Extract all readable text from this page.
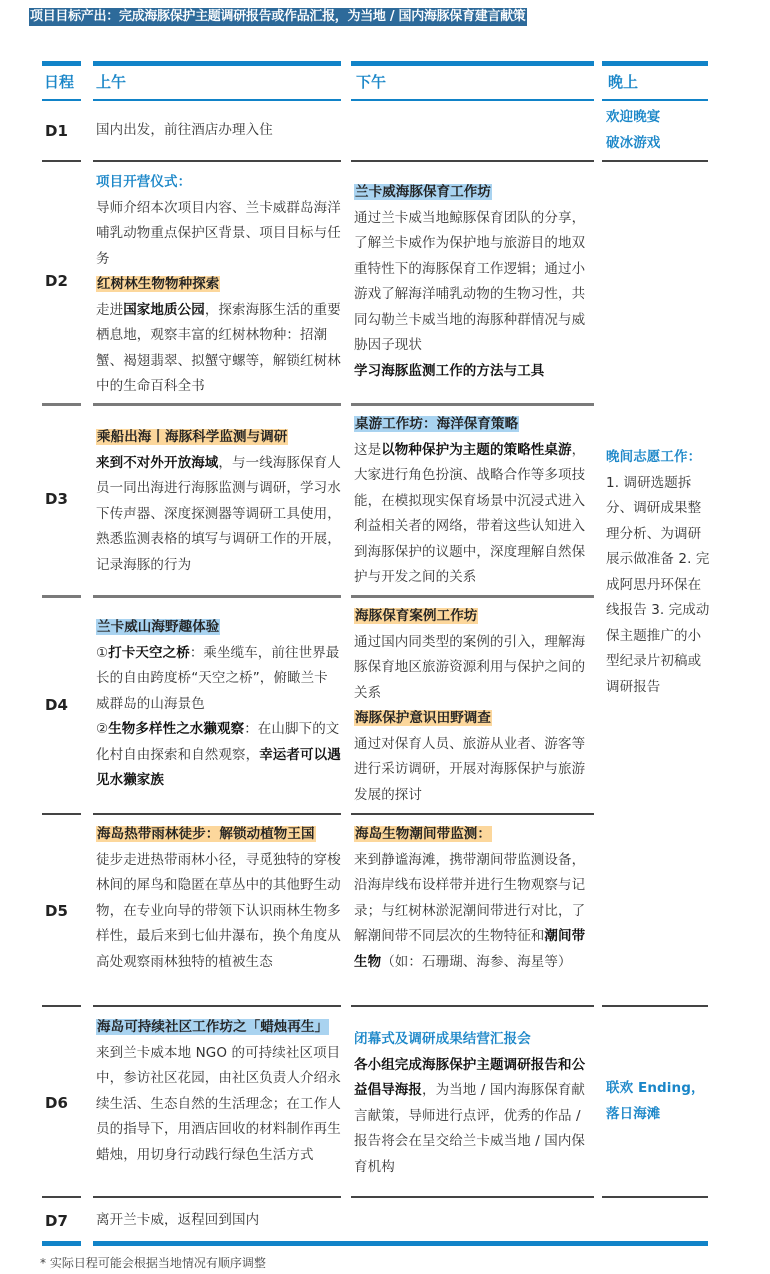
项目目标产出：完成海豚保护主题调研报告或作品汇报，为当地 / 国内海豚保育建言献策
日程 上午	下午	晚上
D1 国内出发，前往酒店办理入住

欢迎晚宴

破冰游戏

D2

项目开营仪式：

导师介绍本次项目内容、兰卡威群岛海洋哺乳动物重点保护区背景、项目目标与任务

红树林生物物种探索

走进国家地质公园，探索海豚生活的重要栖息地，观察丰富的红树林物种：招潮蟹、褐翅翡翠、拟蟹守螺等，解锁红树林中的生命百科全书

兰卡威海豚保育工作坊

通过兰卡威当地鲸豚保育团队的分享，了解兰卡威作为保护地与旅游目的地双重特性下的海豚保育工作逻辑；通过小游戏了解海洋哺乳动物的生物习性，共同勾勒兰卡威当地的海豚种群情况与威胁因子现状

学习海豚监测工作的方法与工具

D3

乘船出海丨海豚科学监测与调研

来到不对外开放海域，与一线海豚保育人员一同出海进行海豚监测与调研，学习水下传声器、深度探测器等调研工具使用，熟悉监测表格的填写与调研工作的开展，记录海豚的行为

桌游工作坊：海洋保育策略

这是以物种保护为主题的策略性桌游，大家进行角色扮演、战略合作等多项技能，在模拟现实保育场景中沉浸式进入利益相关者的网络，带着这些认知进入到海豚保护的议题中，深度理解自然保护与开发之间的关系

晚间志愿工作：

1. 调研选题拆分、调研成果整理分析、为调研展示做准备 2. 完成阿思丹环保在线报告 3. 完成动保主题推广的小型纪录片初稿或调研报告

D4

兰卡威山海野趣体验

①打卡天空之桥：乘坐缆车，前往世界最长的自由跨度桥“天空之桥”，俯瞰兰卡威群岛的山海景色

②生物多样性之水獭观察：在山脚下的文化村自由探索和自然观察，幸运者可以遇见水獭家族

海豚保育案例工作坊

通过国内同类型的案例的引入，理解海豚保育地区旅游资源利用与保护之间的关系

海豚保护意识田野调查

通过对保育人员、旅游从业者、游客等进行采访调研，开展对海豚保护与旅游发展的探讨

D5

海岛热带雨林徒步：解锁动植物王国

徒步走进热带雨林小径，寻觅独特的穿梭林间的犀鸟和隐匿在草丛中的其他野生动物，在专业向导的带领下认识雨林生物多样性，最后来到七仙井瀑布，换个角度从高处观察雨林独特的植被生态

海岛生物潮间带监测：

来到静谧海滩，携带潮间带监测设备，沿海岸线布设样带并进行生物观察与记录；与红树林淤泥潮间带进行对比，了解潮间带不同层次的生物特征和潮间带生物（如：石珊瑚、海参、海星等）

D6

海岛可持续社区工作坊之「蜡烛再生」

来到兰卡威本地 NGO 的可持续社区项目中，参访社区花园，由社区负责人介绍永续生活、生态自然的生活理念；在工作人员的指导下，用酒店回收的材料制作再生蜡烛，用切身行动践行绿色生活方式

闭幕式及调研成果结营汇报会

各小组完成海豚保护主题调研报告和公益倡导海报，为当地 / 国内海豚保育献言献策，导师进行点评，优秀的作品 / 报告将会在呈交给兰卡威当地 / 国内保育机构

联欢 Ending，

落日海滩

D7 离开兰卡威，返程回到国内

* 实际日程可能会根据当地情况有顺序调整
